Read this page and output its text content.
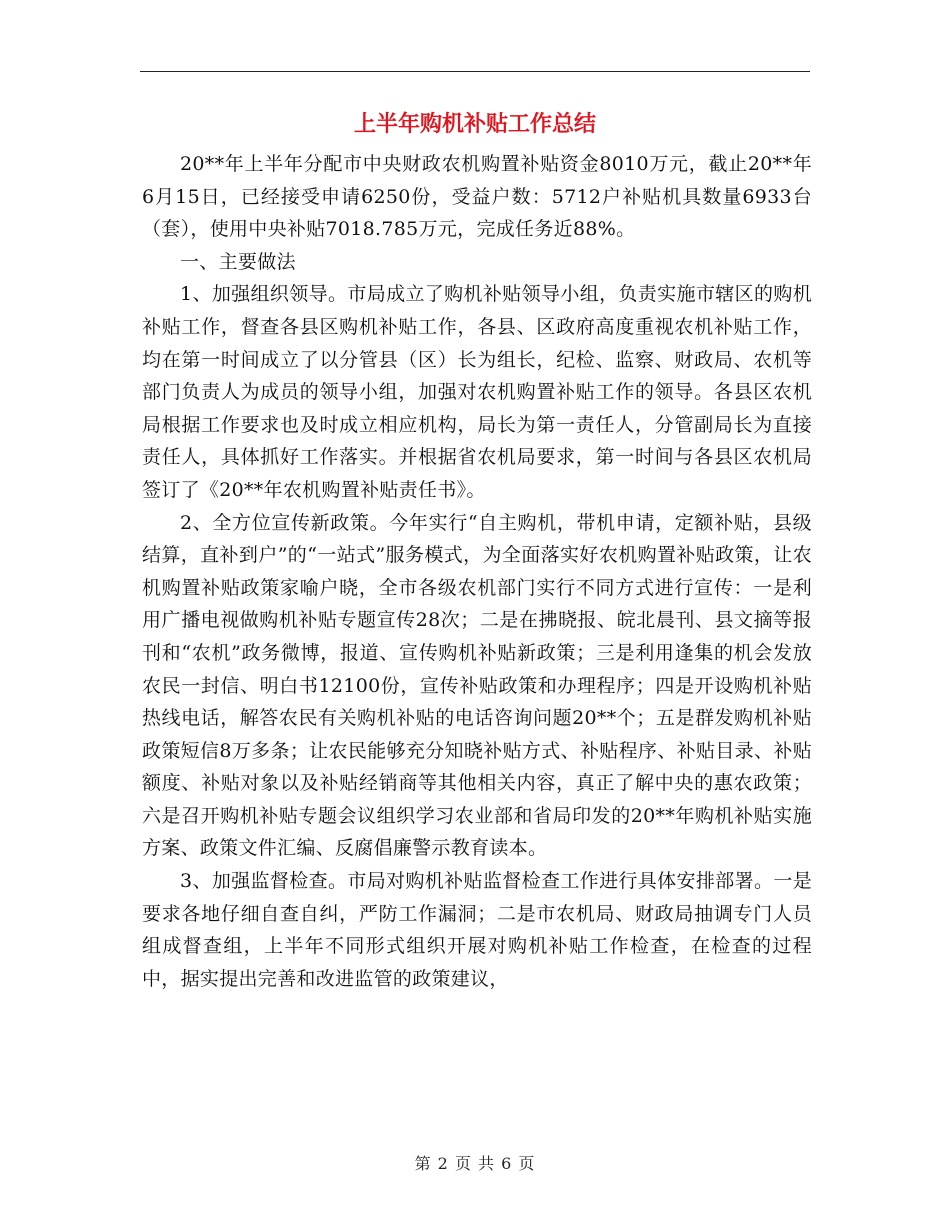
上半年购机补贴工作总结

20**年上半年分配市中央财政农机购置补贴资金8010万元，截止20**年6月15日，已经接受申请6250份，受益户数：5712户补贴机具数量6933台（套），使用中央补贴7018.785万元，完成任务近88%。

一、主要做法

1、加强组织领导。市局成立了购机补贴领导小组，负责实施市辖区的购机补贴工作，督查各县区购机补贴工作，各县、区政府高度重视农机补贴工作，均在第一时间成立了以分管县（区）长为组长，纪检、监察、财政局、农机等部门负责人为成员的领导小组，加强对农机购置补贴工作的领导。各县区农机局根据工作要求也及时成立相应机构，局长为第一责任人，分管副局长为直接责任人，具体抓好工作落实。并根据省农机局要求，第一时间与各县区农机局签订了《20**年农机购置补贴责任书》。

2、全方位宣传新政策。今年实行“自主购机，带机申请，定额补贴，县级结算，直补到户”的“一站式”服务模式，为全面落实好农机购置补贴政策，让农机购置补贴政策家喻户晓，全市各级农机部门实行不同方式进行宣传：一是利用广播电视做购机补贴专题宣传28次；二是在拂晓报、皖北晨刊、县文摘等报刊和“农机”政务微博，报道、宣传购机补贴新政策；三是利用逢集的机会发放农民一封信、明白书12100份，宣传补贴政策和办理程序；四是开设购机补贴热线电话，解答农民有关购机补贴的电话咨询问题20**个；五是群发购机补贴政策短信8万多条；让农民能够充分知晓补贴方式、补贴程序、补贴目录、补贴额度、补贴对象以及补贴经销商等其他相关内容，真正了解中央的惠农政策；六是召开购机补贴专题会议组织学习农业部和省局印发的20**年购机补贴实施方案、政策文件汇编、反腐倡廉警示教育读本。

3、加强监督检查。市局对购机补贴监督检查工作进行具体安排部署。一是要求各地仔细自查自纠，严防工作漏洞；二是市农机局、财政局抽调专门人员组成督查组，上半年不同形式组织开展对购机补贴工作检查，在检查的过程中，据实提出完善和改进监管的政策建议，

第 2 页 共 6 页
